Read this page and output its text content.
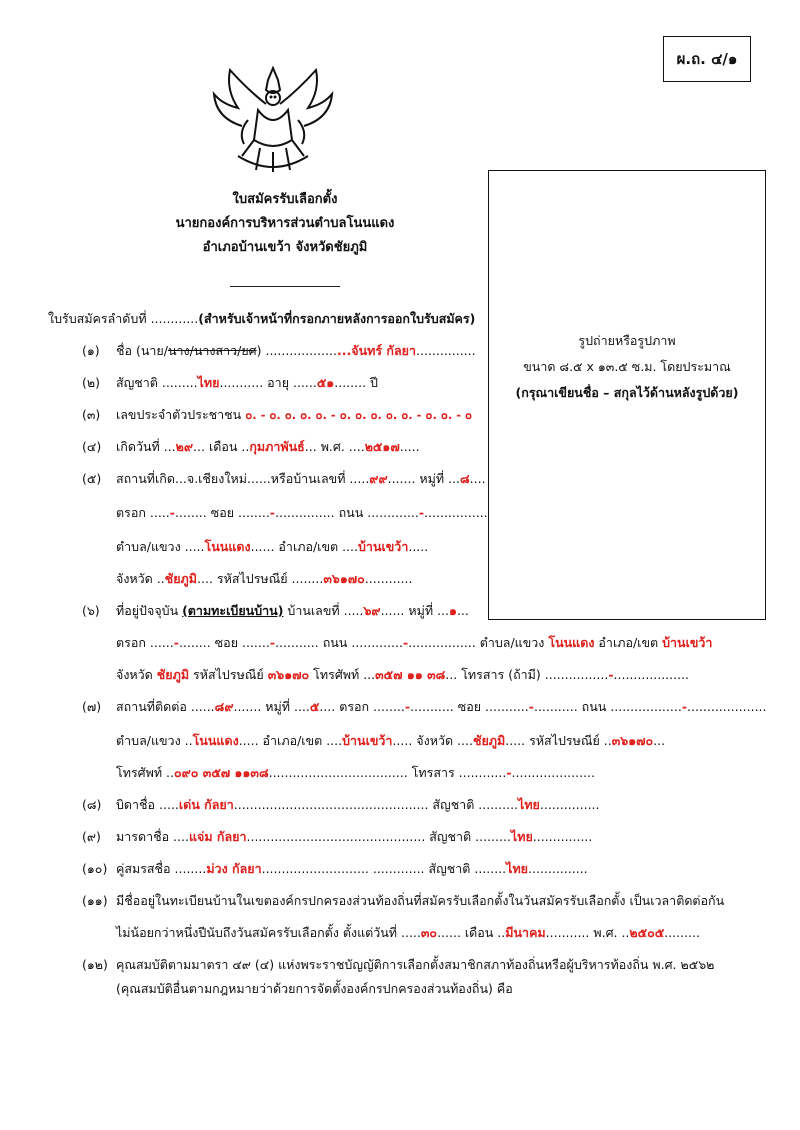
ผ.ถ. ๔/๑
ใบสมัครรับเลือกตั้ง
นายกองค์การบริหารส่วนตำบลโนนแดง
อำเภอบ้านเขว้า จังหวัดชัยภูมิ
รูปถ่ายหรือรูปภาพ
ขนาด ๘.๕ x ๑๓.๕ ซ.ม. โดยประมาณ
(กรุณาเขียนชื่อ – สกุลไว้ด้านหลังรูปด้วย)
ใบรับสมัครลำดับที่ ............(สำหรับเจ้าหน้าที่กรอกภายหลังการออกใบรับสมัคร)
(๑) ชื่อ (นาย/นาง/นางสาว/ยศ) .....................จันทร์ กัลยา...............
(๒) สัญชาติ .........ไทย........... อายุ ......๕๑........ ปี
(๓) เลขประจำตัวประชาชน ๐. - ๐. ๐. ๐. ๐. - ๐. ๐. ๐. ๐. ๐. - ๐. ๐. - ๐
(๔) เกิดวันที่ ...๒๙... เดือน ..กุมภาพันธ์... พ.ศ. ....๒๕๑๗.....
(๕) สถานที่เกิด...จ.เชียงใหม่......หรือบ้านเลขที่ .....๙๙....... หมู่ที่ ...๘....
ตรอก .....-........ ซอย ........-............... ถนน .............-................
ตำบล/แขวง .....โนนแดง...... อำเภอ/เขต ....บ้านเขว้า.....
จังหวัด ..ชัยภูมิ.... รหัสไปรษณีย์ ........๓๖๑๗๐............
(๖) ที่อยู่ปัจจุบัน (ตามทะเบียนบ้าน) บ้านเลขที่ .....๖๙...... หมู่ที่ ...๑...
ตรอก ......-........ ซอย .......-........... ถนน .............-................. ตำบล/แขวง โนนแดง อำเภอ/เขต บ้านเขว้า
จังหวัด ชัยภูมิ รหัสไปรษณีย์ ๓๖๑๗๐ โทรศัพท์ ...๓๕๗ ๑๑ ๓๘... โทรสาร (ถ้ามี) ................-...................
(๗) สถานที่ติดต่อ ......๘๙....... หมู่ที่ ....๕.... ตรอก ........-........... ซอย ...........-........... ถนน ..................-....................
ตำบล/แขวง ..โนนแดง..... อำเภอ/เขต ....บ้านเขว้า..... จังหวัด ....ชัยภูมิ..... รหัสไปรษณีย์ ..๓๖๑๗๐...
โทรศัพท์ ..๐๙๐ ๓๕๗ ๑๑๓๘................................... โทรสาร ............-.....................
(๘) บิดาชื่อ .....เด่น กัลยา................................................. สัญชาติ ..........ไทย...............
(๙) มารดาชื่อ ....แจ่ม กัลยา............................................. สัญชาติ .........ไทย...............
(๑๐) คู่สมรสชื่อ ........ม่วง กัลยา........................... ............. สัญชาติ ........ไทย...............
(๑๑) มีชื่ออยู่ในทะเบียนบ้านในเขตองค์กรปกครองส่วนท้องถิ่นที่สมัครรับเลือกตั้งในวันสมัครรับเลือกตั้ง เป็นเวลาติดต่อกัน
ไม่น้อยกว่าหนึ่งปีนับถึงวันสมัครรับเลือกตั้ง ตั้งแต่วันที่ .....๓๐...... เดือน ..มีนาคม........... พ.ศ. ..๒๕๐๕.........
(๑๒) คุณสมบัติตามมาตรา ๔๙ (๔) แห่งพระราชบัญญัติการเลือกตั้งสมาชิกสภาท้องถิ่นหรือผู้บริหารท้องถิ่น พ.ศ. ๒๕๖๒
(คุณสมบัติอื่นตามกฎหมายว่าด้วยการจัดตั้งองค์กรปกครองส่วนท้องถิ่น) คือ
